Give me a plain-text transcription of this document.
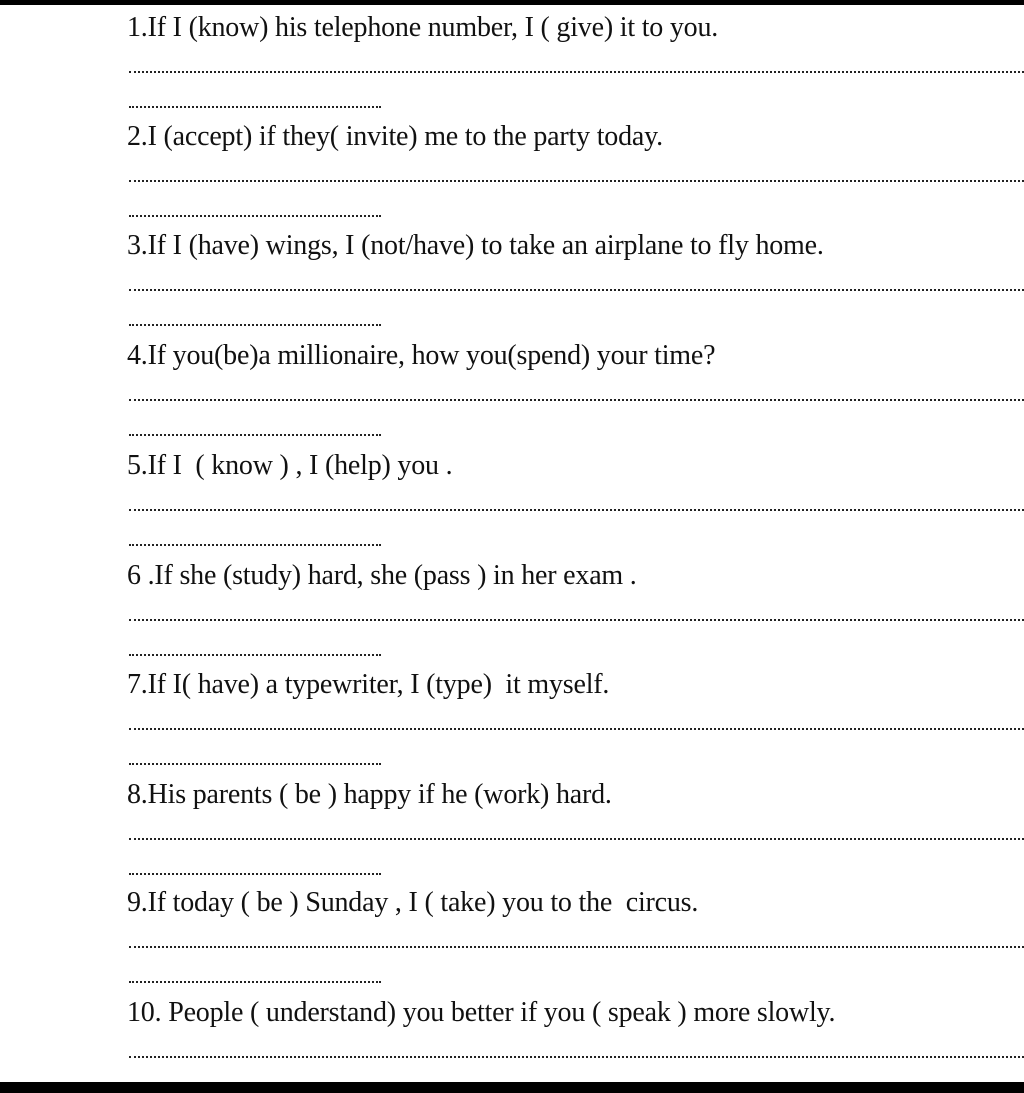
1.If I (know) his telephone number, I ( give) it to you.
2.I (accept) if they( invite) me to the party today.
3.If I (have) wings, I (not/have) to take an airplane to fly home.
4.If you(be)a millionaire, how you(spend) your time?
5.If I  ( know ) , I (help) you .
6 .If she (study) hard, she (pass ) in her exam .
7.If I( have) a typewriter, I (type)  it myself.
8.His parents ( be ) happy if he (work) hard.
9.If today ( be ) Sunday , I ( take) you to the  circus.
10. People ( understand) you better if you ( speak ) more slowly.
